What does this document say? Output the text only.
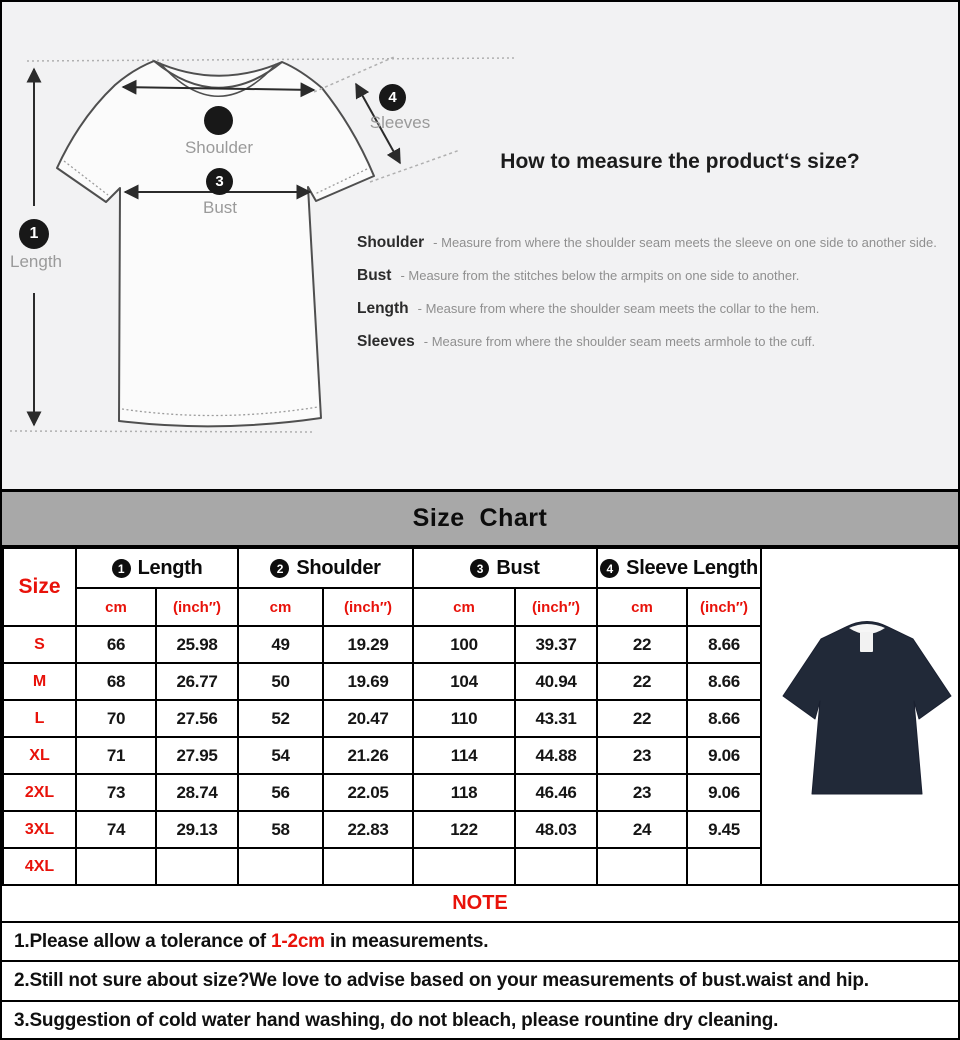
1
Length
Shoulder
3
Bust
4
Sleeves
How to measure the product‘s size?
Shoulder - Measure from where the shoulder seam meets the sleeve on one side to another side.
Bust - Measure from the stitches below the armpits on one side to another.
Length - Measure from where the shoulder seam meets the collar to the hem.
Sleeves - Measure from where the shoulder seam meets armhole to the cuff.
Size  Chart
Size	1 Length		2 Shoulder		3 Bust		4 Sleeve Length	

	cm	(inch″)	cm	(inch″)	cm	(inch″)	cm	(inch″)	
S	66	25.98	49	19.29	100	39.37	22	8.66	
M	68	26.77	50	19.69	104	40.94	22	8.66	
L	70	27.56	52	20.47	110	43.31	22	8.66	
XL	71	27.95	54	21.26	114	44.88	23	9.06	
2XL	73	28.74	56	22.05	118	46.46	23	9.06	
3XL	74	29.13	58	22.83	122	48.03	24	9.45	
4XL									
NOTE
1.Please allow a tolerance of 1-2cm in measurements.
2.Still not sure about size?We love to advise based on your measurements of bust.waist and hip.
3.Suggestion of cold water hand washing, do not bleach, please rountine dry cleaning.
